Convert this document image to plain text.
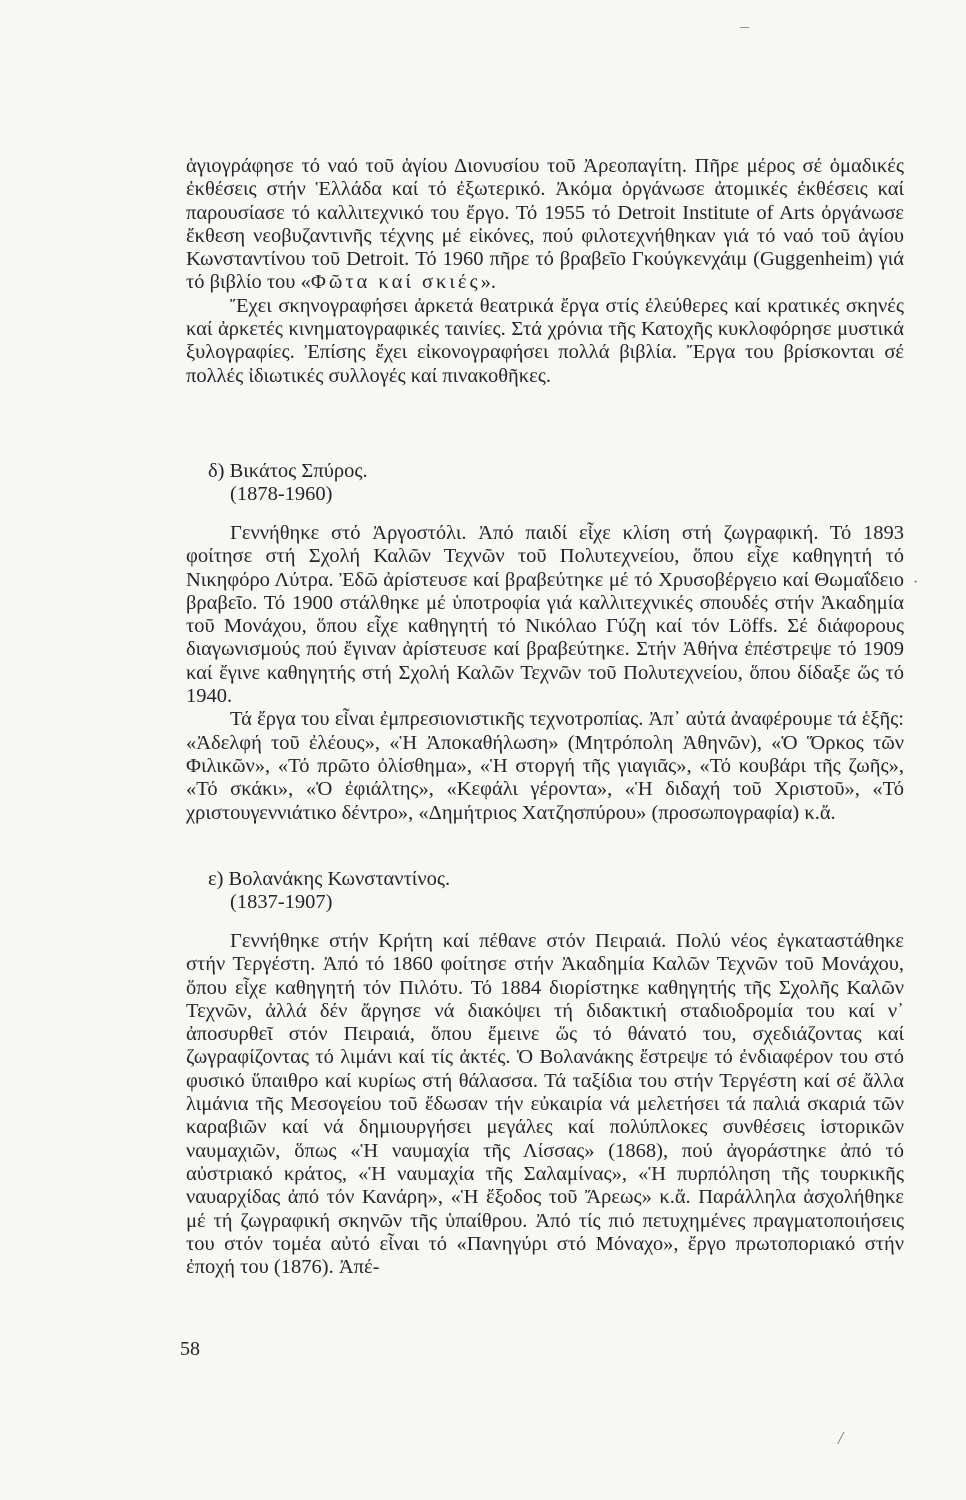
–

ἁγιογράφησε τό ναό τοῦ ἁγίου Διονυσίου τοῦ Ἀρεοπαγίτη. Πῆρε μέρος σέ ὁμαδικές ἐκθέσεις στήν Ἑλλάδα καί τό ἐξωτερικό. Ἀκόμα ὀργάνωσε ἀτομικές ἐκθέσεις καί παρουσίασε τό καλλιτεχνικό του ἔργο. Τό 1955 τό Detroit Institute of Arts ὀργάνωσε ἔκθεση νεοβυζαντινῆς τέχνης μέ εἰκόνες, πού φιλοτεχνήθηκαν γιά τό ναό τοῦ ἁγίου Κωνσταντίνου τοῦ Detroit. Τό 1960 πῆρε τό βραβεῖο Γκούγκενχάιμ (Guggenheim) γιά τό βιβλίο του «Φῶτα καί σκιές».

Ἔχει σκηνογραφήσει ἀρκετά θεατρικά ἔργα στίς ἐλεύθερες καί κρατικές σκηνές καί ἀρκετές κινηματογραφικές ταινίες. Στά χρόνια τῆς Κατοχῆς κυκλοφόρησε μυστικά ξυλογραφίες. Ἐπίσης ἔχει εἰκονογραφήσει πολλά βιβλία. Ἔργα του βρίσκονται σέ πολλές ἰδιωτικές συλλογές καί πινακοθῆκες.

δ) Βικάτος Σπύρος.
(1878-1960)

Γεννήθηκε στό Ἀργοστόλι. Ἀπό παιδί εἶχε κλίση στή ζωγραφική. Τό 1893 φοίτησε στή Σχολή Καλῶν Τεχνῶν τοῦ Πολυτεχνείου, ὅπου εἶχε καθηγητή τό Νικηφόρο Λύτρα. Ἐδῶ ἀρίστευσε καί βραβεύτηκε μέ τό Χρυσοβέργειο καί Θωμαΐδειο βραβεῖο. Τό 1900 στάλθηκε μέ ὑποτροφία γιά καλλιτεχνικές σπουδές στήν Ἀκαδημία τοῦ Μονάχου, ὅπου εἶχε καθηγητή τό Νικόλαο Γύζη καί τόν Löffs. Σέ διάφορους διαγωνισμούς πού ἔγιναν ἀρίστευσε καί βραβεύτηκε. Στήν Ἀθήνα ἐπέστρεψε τό 1909 καί ἔγινε καθηγητής στή Σχολή Καλῶν Τεχνῶν τοῦ Πολυτεχνείου, ὅπου δίδαξε ὥς τό 1940.

Τά ἔργα του εἶναι ἐμπρεσιονιστικῆς τεχνοτροπίας. Ἀπ᾿ αὐτά ἀναφέρουμε τά ἑξῆς: «Ἀδελφή τοῦ ἐλέους», «Ἡ Ἀποκαθήλωση» (Μητρόπολη Ἀθηνῶν), «Ὁ Ὅρκος τῶν Φιλικῶν», «Τό πρῶτο ὀλίσθημα», «Ἡ στοργή τῆς γιαγιᾶς», «Τό κουβάρι τῆς ζωῆς», «Τό σκάκι», «Ὁ ἐφιάλτης», «Κεφάλι γέροντα», «Ἡ διδαχή τοῦ Χριστοῦ», «Τό χριστουγεννιάτικο δέντρο», «Δημήτριος Χατζησπύρου» (προσωπογραφία) κ.ἄ.

·
ε) Βολανάκης Κωνσταντίνος.
(1837-1907)

Γεννήθηκε στήν Κρήτη καί πέθανε στόν Πειραιά. Πολύ νέος ἐγκαταστάθηκε στήν Τεργέστη. Ἀπό τό 1860 φοίτησε στήν Ἀκαδημία Καλῶν Τεχνῶν τοῦ Μονάχου, ὅπου εἶχε καθηγητή τόν Πιλότυ. Τό 1884 διορίστηκε καθηγητής τῆς Σχολῆς Καλῶν Τεχνῶν, ἀλλά δέν ἄργησε νά διακόψει τή διδακτική σταδιοδρομία του καί ν᾿ ἀποσυρθεῖ στόν Πειραιά, ὅπου ἔμεινε ὥς τό θάνατό του, σχεδιάζοντας καί ζωγραφίζοντας τό λιμάνι καί τίς ἀκτές. Ὁ Βολανάκης ἔστρεψε τό ἐνδιαφέρον του στό φυσικό ὕπαιθρο καί κυρίως στή θάλασσα. Τά ταξίδια του στήν Τεργέστη καί σέ ἄλλα λιμάνια τῆς Μεσογείου τοῦ ἔδωσαν τήν εὐκαιρία νά μελετήσει τά παλιά σκαριά τῶν καραβιῶν καί νά δημιουργήσει μεγάλες καί πολύπλοκες συνθέσεις ἱστορικῶν ναυμαχιῶν, ὅπως «Ἡ ναυμαχία τῆς Λίσσας» (1868), πού ἀγοράστηκε ἀπό τό αὐστριακό κράτος, «Ἡ ναυμαχία τῆς Σαλαμίνας», «Ἡ πυρπόληση τῆς τουρκικῆς ναυαρχίδας ἀπό τόν Κανάρη», «Ἡ ἔξοδος τοῦ Ἄρεως» κ.ἄ. Παράλληλα ἀσχολήθηκε μέ τή ζωγραφική σκηνῶν τῆς ὑπαίθρου. Ἀπό τίς πιό πετυχημένες πραγματοποιήσεις του στόν τομέα αὐτό εἶναι τό «Πανηγύρι στό Μόναχο», ἔργο πρωτοποριακό στήν ἐποχή του (1876). Ἀπέ-

58
/
